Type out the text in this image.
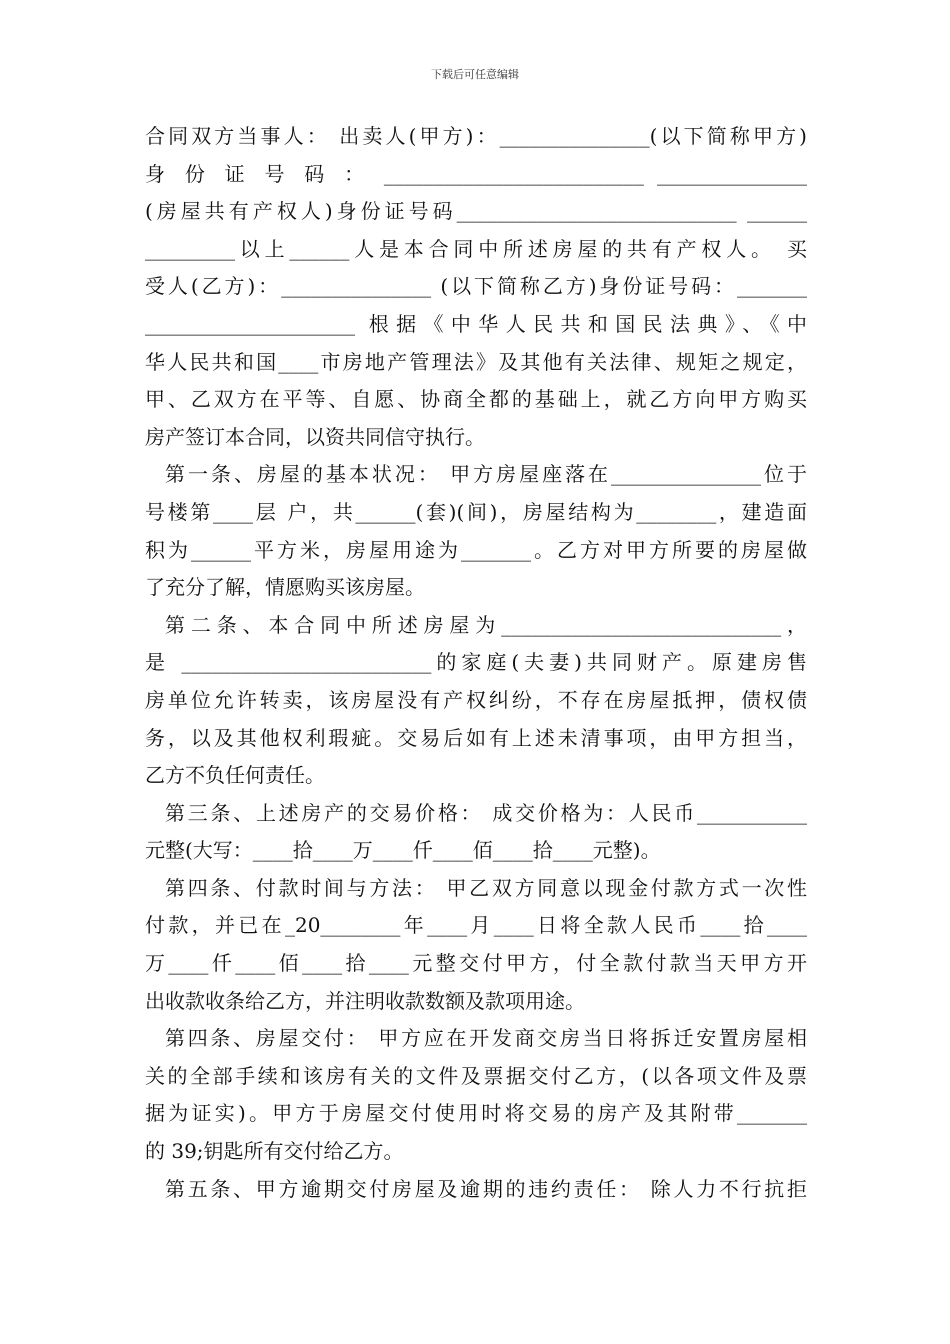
下载后可任意编辑
合同双方当事人： 出卖人(甲方)：_______________(以下简称甲方)
身 份 证 号 码 ： __________________________ _______________
(房屋共有产权人)身份证号码____________________________ ______
_________以上______人是本合同中所述房屋的共有产权人。 买
受人(乙方)：_______________ (以下简称乙方)身份证号码：_______
_____________________ 根据《中华人民共和国民法典》、《中
华人民共和国____市房地产管理法》及其他有关法律、规矩之规定，
甲、乙双方在平等、自愿、协商全都的基础上，就乙方向甲方购买
房产签订本合同，以资共同信守执行。
第一条、房屋的基本状况： 甲方房屋座落在_______________位于
号楼第____层 户，共______(套)(间)，房屋结构为________，建造面
积为______平方米，房屋用途为_______。乙方对甲方所要的房屋做
了充分了解，情愿购买该房屋。
第二条、本合同中所述房屋为____________________________，
是 _________________________的家庭(夫妻)共同财产。原建房售
房单位允许转卖，该房屋没有产权纠纷，不存在房屋抵押，债权债
务，以及其他权利瑕疵。交易后如有上述未清事项，由甲方担当，
乙方不负任何责任。
第三条、上述房产的交易价格： 成交价格为：人民币___________
元整(大写：____拾____万____仟____佰____拾____元整)。
第四条、付款时间与方法： 甲乙双方同意以现金付款方式一次性
付款，并已在_20________年____月____日将全款人民币____拾____
万____仟____佰____拾____元整交付甲方，付全款付款当天甲方开
出收款收条给乙方，并注明收款数额及款项用途。
第四条、房屋交付： 甲方应在开发商交房当日将拆迁安置房屋相
关的全部手续和该房有关的文件及票据交付乙方，(以各项文件及票
据为证实)。甲方于房屋交付使用时将交易的房产及其附带_______
的 39;钥匙所有交付给乙方。
第五条、甲方逾期交付房屋及逾期的违约责任： 除人力不行抗拒
